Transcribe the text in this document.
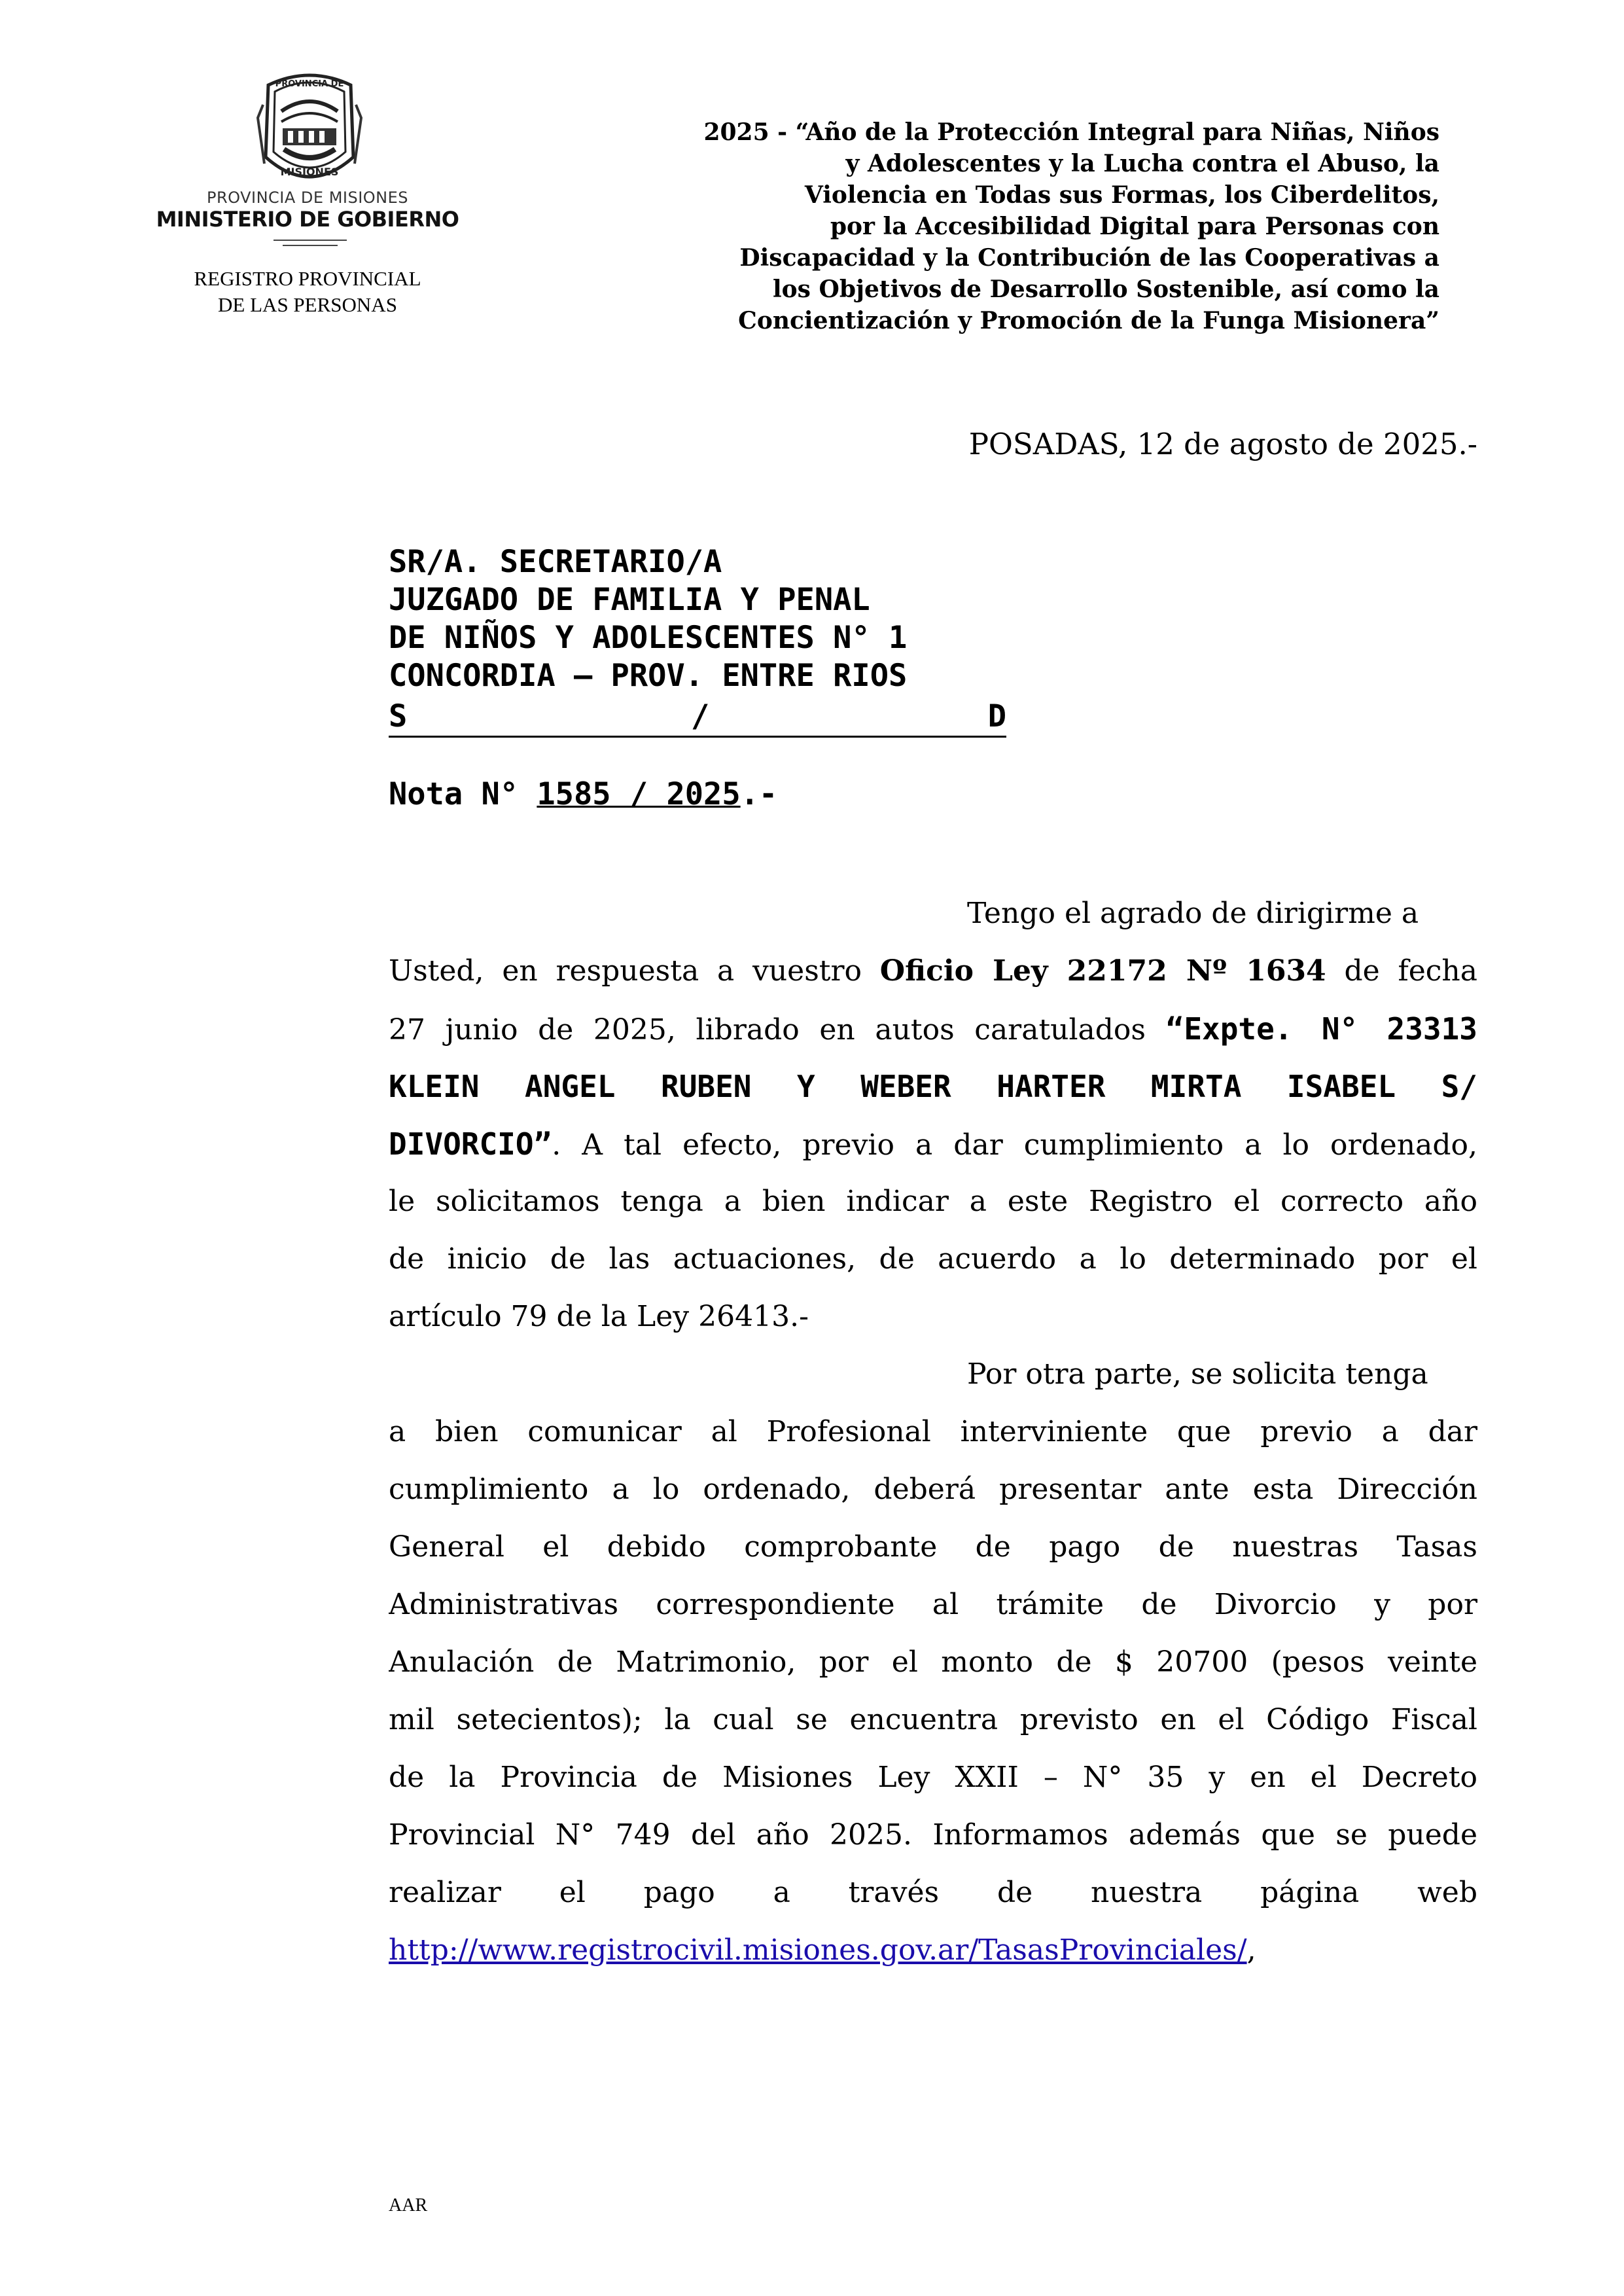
PROVINCIA DE
MISIONES
PROVINCIA DE MISIONES
MINISTERIO DE GOBIERNO
REGISTRO PROVINCIAL
DE LAS PERSONAS
2025 - “Año de la Protección Integral para Niñas, Niños
y Adolescentes y la Lucha contra el Abuso, la
Violencia en Todas sus Formas, los Ciberdelitos,
por la Accesibilidad Digital para Personas con
Discapacidad y la Contribución de las Cooperativas a
los Objetivos de Desarrollo Sostenible, así como la
Concientización y Promoción de la Funga Misionera”
POSADAS, 12 de agosto de 2025.-
SR/A. SECRETARIO/A
JUZGADO DE FAMILIA Y PENAL
DE NIÑOS Y ADOLESCENTES N° 1
CONCORDIA – PROV. ENTRE RIOS
S	/	D
Nota N° 1585 / 2025.-
Tengo el agrado de dirigirme a
Usted, en respuesta a vuestro Oficio Ley 22172 Nº 1634 de fecha
27 junio de 2025, librado en autos caratulados “Expte. N° 23313
KLEIN ANGEL RUBEN Y WEBER HARTER MIRTA ISABEL S/
DIVORCIO”. A tal efecto, previo a dar cumplimiento a lo ordenado,
le solicitamos tenga a bien indicar a este Registro el correcto año
de inicio de las actuaciones, de acuerdo a lo determinado por el
artículo 79 de la Ley 26413.-
Por otra parte, se solicita tenga
a bien comunicar al Profesional interviniente que previo a dar
cumplimiento a lo ordenado, deberá presentar ante esta Dirección
General el debido comprobante de pago de nuestras Tasas
Administrativas correspondiente al trámite de Divorcio y por
Anulación de Matrimonio, por el monto de $ 20700 (pesos veinte
mil setecientos); la cual se encuentra previsto en el Código Fiscal
de la Provincia de Misiones Ley XXII – N° 35 y en el Decreto
Provincial N° 749 del año 2025. Informamos además que se puede
realizar el pago a través de nuestra página web
http://www.registrocivil.misiones.gov.ar/TasasProvinciales/,
AAR
